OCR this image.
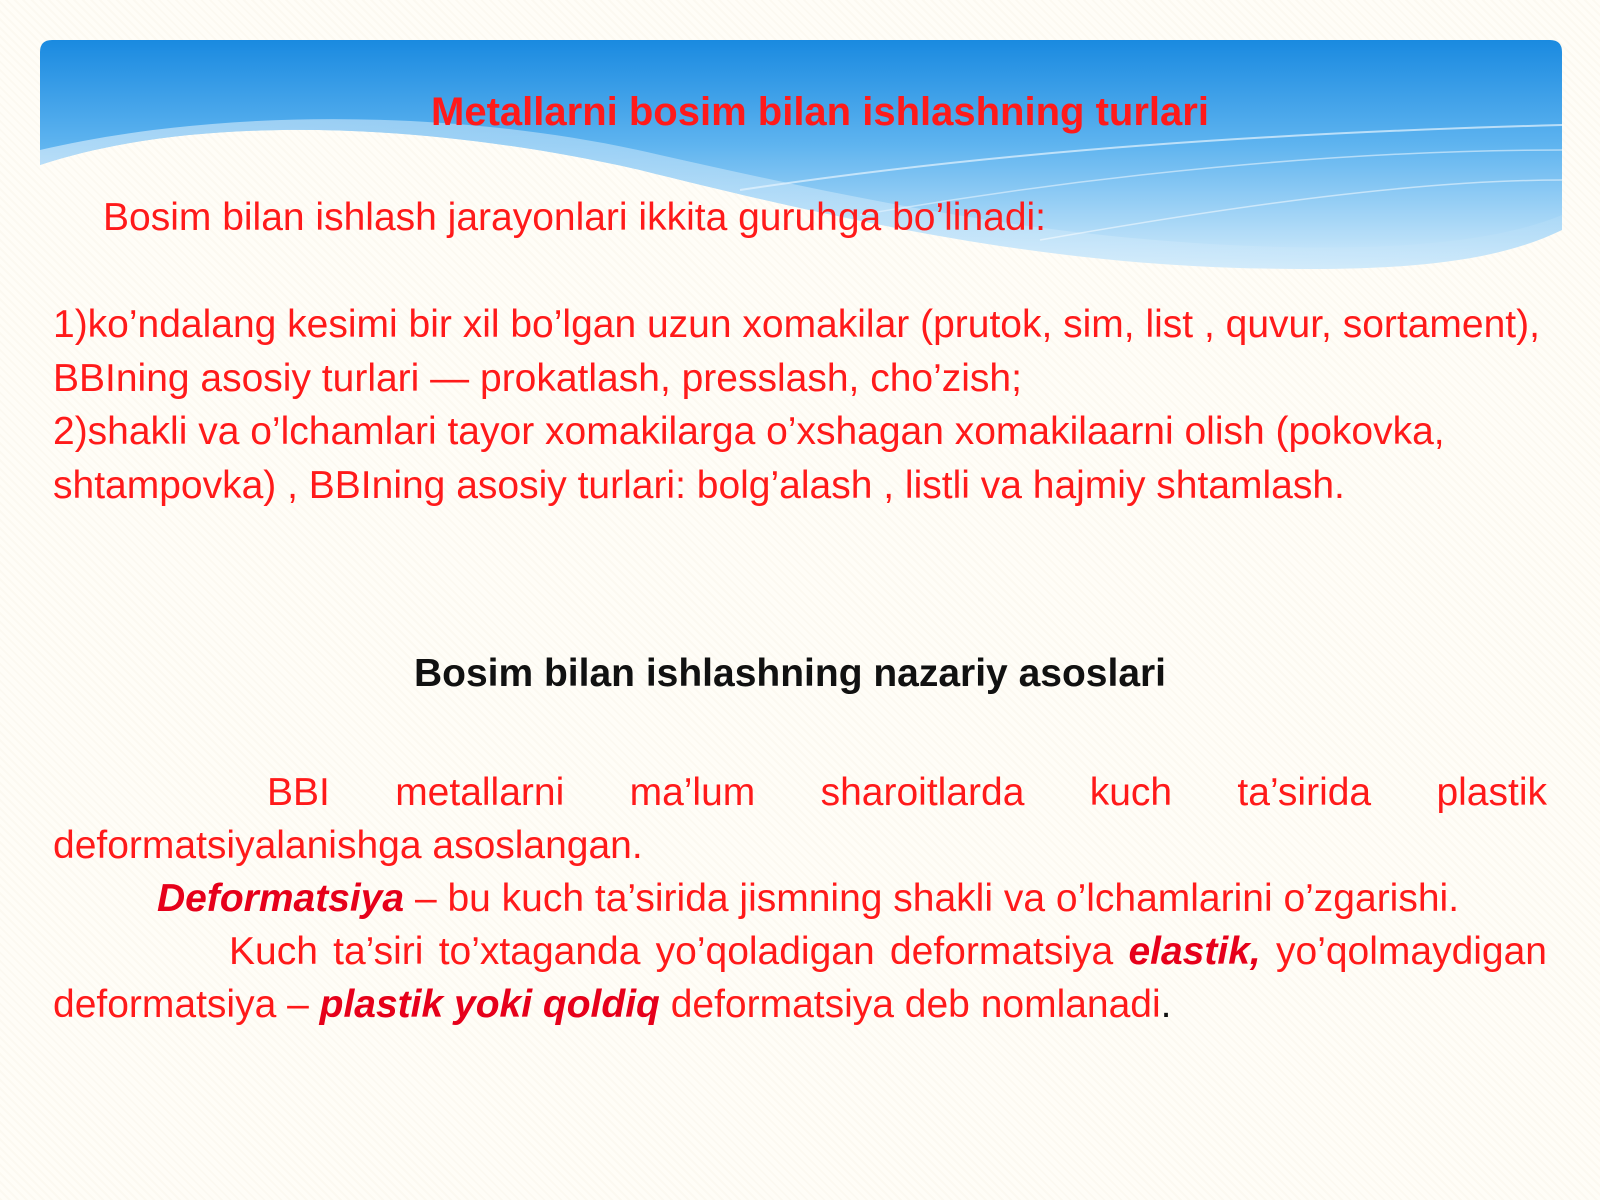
Metallarni bosim bilan ishlashning turlari
Bosim bilan ishlash jarayonlari ikkita guruhga bo’linadi:

1)ko’ndalang kesimi bir xil bo’lgan uzun xomakilar (prutok, sim, list , quvur, sortament), BBIning asosiy turlari — prokatlash, presslash, cho’zish;

2)shakli va o’lchamlari tayor xomakilarga o’xshagan xomakilaarni olish (pokovka, shtampovka) , BBIning asosiy turlari: bolg’alash , listli va hajmiy shtamlash.

Bosim bilan ishlashning nazariy asoslari

BBI metallarni ma’lum sharoitlarda kuch ta’sirida plastik deformatsiyalanishga asoslangan.

Deformatsiya – bu kuch ta’sirida jismning shakli va o’lchamlarini o’zgarishi.

Kuch ta’siri to’xtaganda yo’qoladigan deformatsiya elastik, yo’qolmaydigan deformatsiya – plastik yoki qoldiq deformatsiya deb nomlanadi.
